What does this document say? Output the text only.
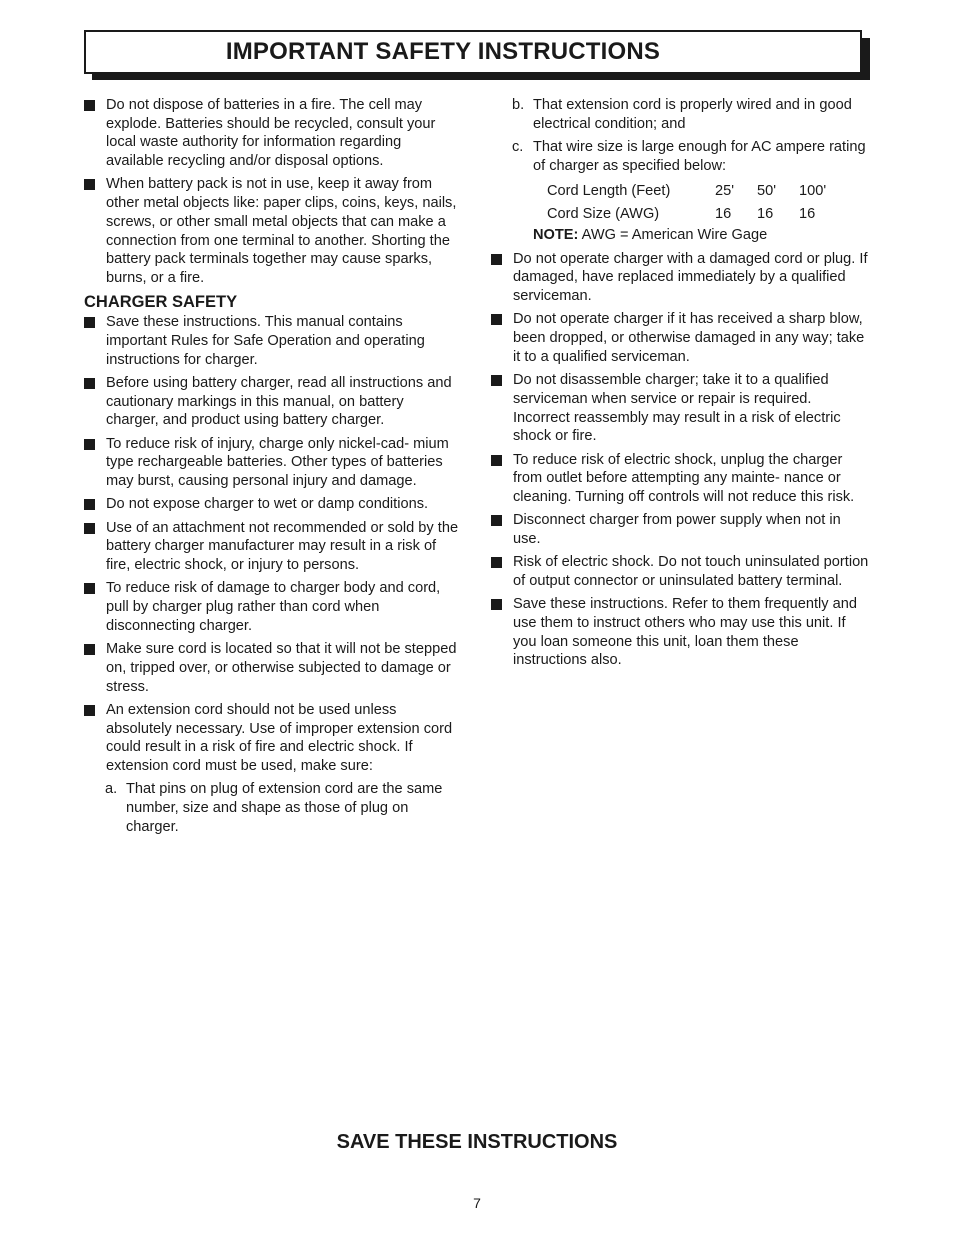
IMPORTANT SAFETY INSTRUCTIONS
Do not dispose of batteries in a fire. The cell may explode. Batteries should be recycled, consult your local waste authority for information regarding available recycling and/or disposal options.
When battery pack is not in use, keep it away from other metal objects like: paper clips, coins, keys, nails, screws, or other small metal objects that can make a connection from one terminal to another. Shorting the battery pack terminals together may cause sparks, burns, or a fire.
CHARGER SAFETY
Save these instructions. This manual contains important Rules for Safe Operation and operating instructions for charger.
Before using battery charger, read all instructions and cautionary markings in this manual, on battery charger, and product using battery charger.
To reduce risk of injury, charge only nickel-cad- mium type rechargeable batteries. Other types of batteries may burst, causing personal injury and damage.
Do not expose charger to wet or damp conditions.
Use of an attachment not recommended or sold by the battery charger manufacturer may result in a risk of fire, electric shock, or injury to persons.
To reduce risk of damage to charger body and cord, pull by charger plug rather than cord when disconnecting charger.
Make sure cord is located so that it will not be stepped on, tripped over, or otherwise subjected to damage or stress.
An extension cord should not be used unless absolutely necessary. Use of improper extension cord could result in a risk of fire and electric shock. If extension cord must be used, make sure:
a. That pins on plug of extension cord are the same number, size and shape as those of plug on charger.
b. That extension cord is properly wired and in good electrical condition; and
c. That wire size is large enough for AC ampere rating of charger as specified below:
Cord Length (Feet)	25'	50'	100'
Cord Size (AWG)	16	16	16
NOTE: AWG = American Wire Gage
Do not operate charger with a damaged cord or plug. If damaged, have replaced immediately by a qualified serviceman.
Do not operate charger if it has received a sharp blow, been dropped, or otherwise damaged in any way; take it to a qualified serviceman.
Do not disassemble charger; take it to a qualified serviceman when service or repair is required. Incorrect reassembly may result in a risk of electric shock or fire.
To reduce risk of electric shock, unplug the charger from outlet before attempting any mainte- nance or cleaning. Turning off controls will not reduce this risk.
Disconnect charger from power supply when not in use.
Risk of electric shock. Do not touch uninsulated portion of output connector or uninsulated battery terminal.
Save these instructions. Refer to them frequently and use them to instruct others who may use this unit. If you loan someone this unit, loan them these instructions also.
SAVE THESE INSTRUCTIONS
7
